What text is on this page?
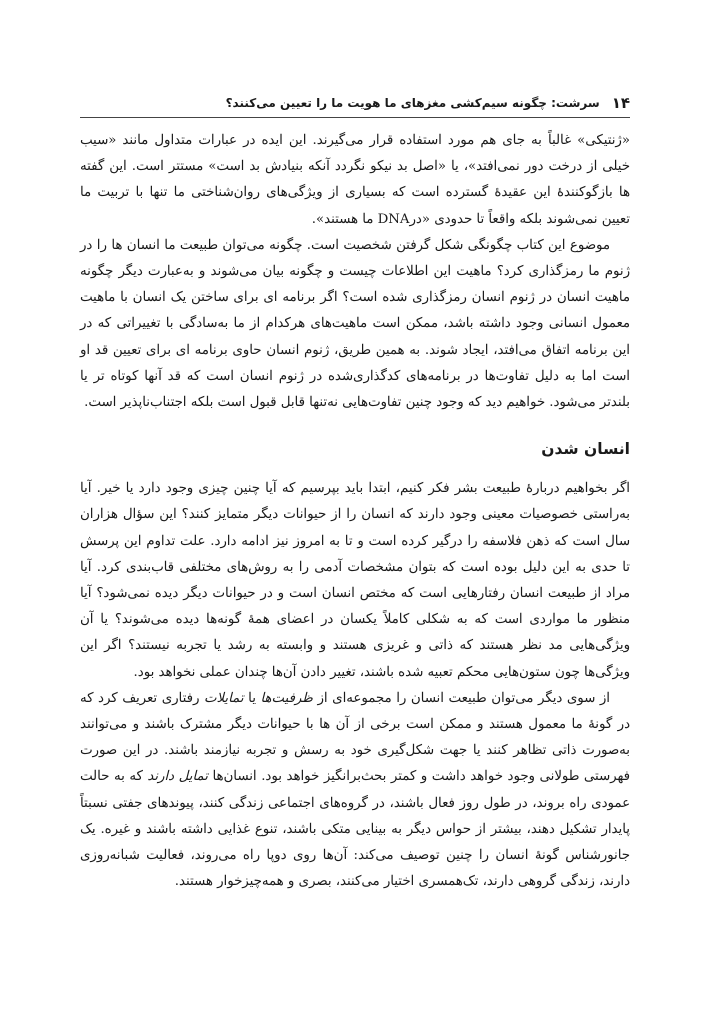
۱۴
سرشت: چگونه سیم‌کشی مغزهای ما هویت ما را تعیین می‌کنند؟

«ژنتیکی» غالباً به جای هم مورد استفاده قرار می‌گیرند. این ایده در عبارات متداول مانند «سیب خیلی از درخت دور نمی‌افتد»، یا «اصل بد نیکو نگردد آنکه بنیادش بد است» مستتر است. این گفته ها بازگوکنندهٔ این عقیدهٔ گسترده است که بسیاری از ویژگی‌های روان‌شناختی ما تنها با تربیت ما تعیین نمی‌شوند بلکه واقعاً تا حدودی «درDNA ما هستند».

موضوع این کتاب چگونگی شکل گرفتن شخصیت است. چگونه می‌توان طبیعت ما انسان ها را در ژنوم ما رمزگذاری کرد؟ ماهیت این اطلاعات چیست و چگونه بیان می‌شوند و به‌عبارت دیگر چگونه ماهیت انسان در ژنوم انسان رمزگذاری شده است؟ اگر برنامه ای برای ساختن یک انسان با ماهیت معمول انسانی وجود داشته باشد، ممکن است ماهیت‌های هرکدام از ما به‌سادگی با تغییراتی که در این برنامه اتفاق می‌افتد، ایجاد شوند. به همین طریق، ژنوم انسان حاوی برنامه ای برای تعیین قد او است اما به دلیل تفاوت‌ها در برنامه‌های کدگذاری‌شده در ژنوم انسان است که قد آنها کوتاه تر یا بلندتر می‌شود. خواهیم دید که وجود چنین تفاوت‌هایی نه‌تنها قابل قبول است بلکه اجتناب‌ناپذیر است.

انسان شدن

اگر بخواهیم دربارهٔ طبیعت بشر فکر کنیم، ابتدا باید بپرسیم که آیا چنین چیزی وجود دارد یا خیر. آیا به‌راستی خصوصیات معینی وجود دارند که انسان را از حیوانات دیگر متمایز کنند؟ این سؤال هزاران سال است که ذهن فلاسفه را درگیر کرده است و تا به امروز نیز ادامه دارد. علت تداوم این پرسش تا حدی به این دلیل بوده است که بتوان مشخصات آدمی را به روش‌های مختلفی قاب‌بندی کرد. آیا مراد از طبیعت انسان رفتارهایی است که مختص انسان است و در حیوانات دیگر دیده نمی‌شود؟ آیا منظور ما مواردی است که به شکلی کاملاً یکسان در اعضای همهٔ گونه‌ها دیده می‌شوند؟ یا آن ویژگی‌هایی مد نظر هستند که ذاتی و غریزی هستند و وابسته به رشد یا تجربه نیستند؟ اگر این ویژگی‌ها چون ستون‌هایی محکم تعبیه شده باشند، تغییر دادن آن‌ها چندان عملی نخواهد بود.

از سوی دیگر می‌توان طبیعت انسان را مجموعه‌ای از ظرفیت‌ها یا تمایلات رفتاری تعریف کرد که در گونهٔ ما معمول هستند و ممکن است برخی از آن ها با حیوانات دیگر مشترک باشند و می‌توانند به‌صورت ذاتی تظاهر کنند یا جهت شکل‌گیری خود به رسش و تجربه نیازمند باشند. در این صورت فهرستی طولانی وجود خواهد داشت و کمتر بحث‌برانگیز خواهد بود. انسان‌ها تمایل دارند که به حالت عمودی راه بروند، در طول روز فعال باشند، در گروه‌های اجتماعی زندگی کنند، پیوندهای جفتی نسبتاً پایدار تشکیل دهند، بیشتر از حواس دیگر به بینایی متکی باشند، تنوع غذایی داشته باشند و غیره. یک جانورشناس گونهٔ انسان را چنین توصیف می‌کند: آن‌ها روی دوپا راه می‌روند، فعالیت شبانه‌روزی دارند، زندگی گروهی دارند، تک‌همسری اختیار می‌کنند، بصری و همه‌چیزخوار هستند.
